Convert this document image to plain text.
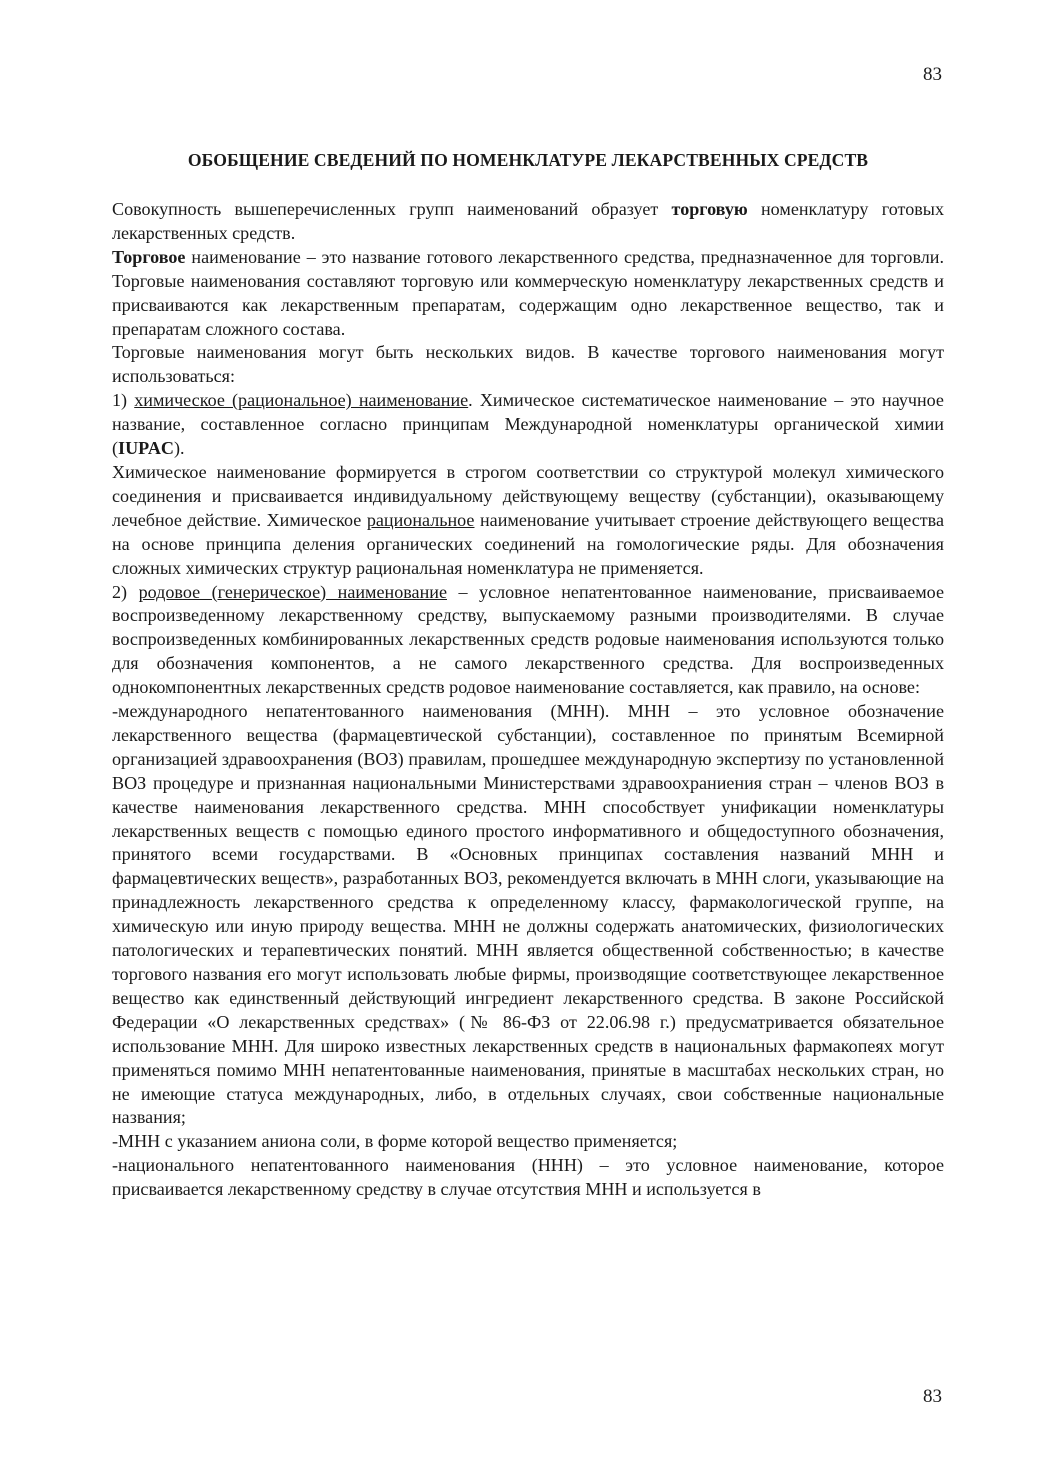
83
ОБОБЩЕНИЕ СВЕДЕНИЙ ПО НОМЕНКЛАТУРЕ ЛЕКАРСТВЕННЫХ СРЕДСТВ

Совокупность вышеперечисленных групп наименований образует торговую номенклатуру готовых лекарственных средств.

Торговое наименование – это название готового лекарственного средства, предназначенное для торговли. Торговые наименования составляют торговую или коммерческую номенклатуру лекарственных средств и присваиваются как лекарственным препаратам, содержащим одно лекарственное вещество, так и препаратам сложного состава.

Торговые наименования могут быть нескольких видов. В качестве торгового наименования могут использоваться:

1) химическое (рациональное) наименование. Химическое систематическое наименование – это научное название, составленное согласно принципам Международной номенклатуры органической химии (IUPAC).

Химическое наименование формируется в строгом соответствии со структурой молекул химического соединения и присваивается индивидуальному действующему веществу (субстанции), оказывающему лечебное действие. Химическое рациональное наименование учитывает строение действующего вещества на основе принципа деления органических соединений на гомологические ряды. Для обозначения сложных химических структур рациональная номенклатура не применяется.

2) родовое (генерическое) наименование – условное непатентованное наименование, присваиваемое воспроизведенному лекарственному средству, выпускаемому разными производителями. В случае воспроизведенных комбинированных лекарственных средств родовые наименования используются только для обозначения компонентов, а не самого лекарственного средства. Для воспроизведенных однокомпонентных лекарственных средств родовое наименование составляется, как правило, на основе:

-международного непатентованного наименования (МНН). МНН – это условное обозначение лекарственного вещества (фармацевтической субстанции), составленное по принятым Всемирной организацией здравоохранения (ВОЗ) правилам, прошедшее международную экспертизу по установленной ВОЗ процедуре и признанная национальными Министерствами здравоохраниения стран – членов ВОЗ в качестве наименования лекарственного средства. МНН способствует унификации номенклатуры лекарственных веществ с помощью единого простого информативного и общедоступного обозначения, принятого всеми государствами. В «Основных принципах составления названий МНН и фармацевтических веществ», разработанных ВОЗ, рекомендуется включать в МНН слоги, указывающие на принадлежность лекарственного средства к определенному классу, фармакологической группе, на химическую или иную природу вещества. МНН не должны содержать анатомических, физиологических патологических и терапевтических понятий. МНН является общественной собственностью; в качестве торгового названия его могут использовать любые фирмы, производящие соответствующее лекарственное вещество как единственный действующий ингредиент лекарственного средства. В законе Российской Федерации «О лекарственных средствах» (№ 86-ФЗ от 22.06.98 г.) предусматривается обязательное использование МНН. Для широко известных лекарственных средств в национальных фармакопеях могут применяться помимо МНН непатентованные наименования, принятые в масштабах нескольких стран, но не имеющие статуса международных, либо, в отдельных случаях, свои собственные национальные названия;

-МНН с указанием аниона соли, в форме которой вещество применяется;

-национального непатентованного наименования (ННН) – это условное наименование, которое присваивается лекарственному средству в случае отсутствия МНН и используется в

83
